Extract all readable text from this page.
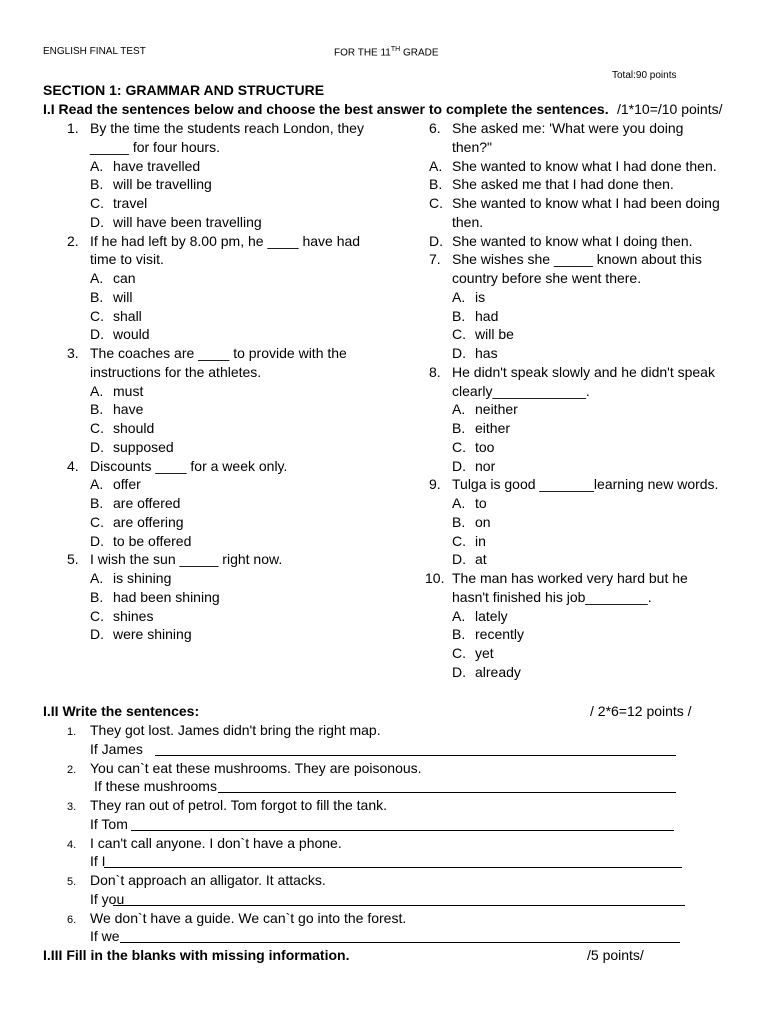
ENGLISH FINAL TEST	FOR THE 11TH GRADE
Total:90 points
SECTION 1: GRAMMAR AND STRUCTURE
I.I Read the sentences below and choose the best answer to complete the sentences. /1*10=/10 points/
1. By the time the students reach London, they
_____ for four hours.
A. have travelled
B. will be travelling
C. travel
D. will have been travelling
2. If he had left by 8.00 pm, he ____ have had
time to visit.
A. can
B. will
C. shall
D. would
3. The coaches are ____ to provide with the
instructions for the athletes.
A. must
B. have
C. should
D. supposed
4. Discounts ____ for a week only.
A. offer
B. are offered
C. are offering
D. to be offered
5. I wish the sun _____ right now.
A. is shining
B. had been shining
C. shines
D. were shining
6. She asked me: 'What were you doing
then?"
A. She wanted to know what I had done then.
B. She asked me that I had done then.
C. She wanted to know what I had been doing
then.
D. She wanted to know what I doing then.
7. She wishes she _____ known about this
country before she went there.
A. is
B. had
C. will be
D. has
8. He didn't speak slowly and he didn't speak
clearly____________.
A. neither
B. either
C. too
D. nor
9. Tulga is good _______learning new words.
A. to
B. on
C. in
D. at
10. The man has worked very hard but he
hasn't finished his job________.
A. lately
B. recently
C. yet
D. already
I.II Write the sentences:	/ 2*6=12 points /
1. They got lost. James didn't bring the right map.
If James
2. You can`t eat these mushrooms. They are poisonous.
If these mushrooms
3. They ran out of petrol. Tom forgot to fill the tank.
If Tom
4. I can't call anyone. I don`t have a phone.
If I
5. Don`t approach an alligator. It attacks.
If you
6. We don`t have a guide. We can`t go into the forest.
If we
I.III Fill in the blanks with missing information.	/5 points/
